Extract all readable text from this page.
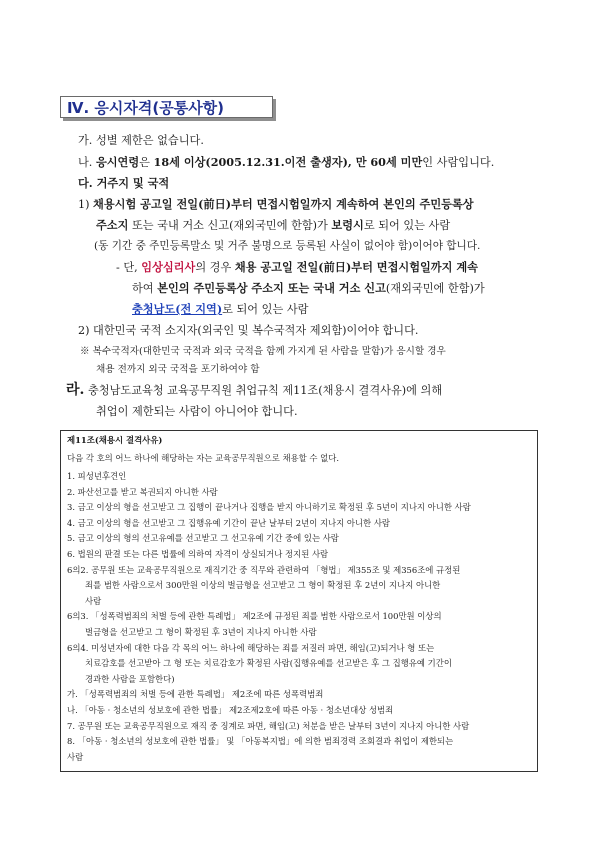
Ⅳ. 응시자격(공통사항)
가. 성별 제한은 없습니다.
나. 응시연령은 18세 이상(2005.12.31.이전 출생자), 만 60세 미만인 사람입니다.
다. 거주지 및 국적
1) 채용시험 공고일 전일(前日)부터 면접시험일까지 계속하여 본인의 주민등록상
주소지 또는 국내 거소 신고(재외국민에 한함)가 보령시로 되어 있는 사람
(동 기간 중 주민등록말소 및 거주 불명으로 등록된 사실이 없어야 함)이어야 합니다.
- 단, 임상심리사의 경우 채용 공고일 전일(前日)부터 면접시험일까지 계속
하여 본인의 주민등록상 주소지 또는 국내 거소 신고(재외국민에 한함)가
충청남도(전 지역)로 되어 있는 사람
2) 대한민국 국적 소지자(외국인 및 복수국적자 제외함)이어야 합니다.
※ 복수국적자(대한민국 국적과 외국 국적을 함께 가지게 된 사람을 말함)가 응시할 경우
채용 전까지 외국 국적을 포기하여야 함
라. 충청남도교육청 교육공무직원 취업규칙 제11조(채용시 결격사유)에 의해
취업이 제한되는 사람이 아니어야 합니다.
제11조(채용시 결격사유)
다음 각 호의 어느 하나에 해당하는 자는 교육공무직원으로 채용할 수 없다.
1. 피성년후견인
2. 파산선고를 받고 복권되지 아니한 사람
3. 금고 이상의 형을 선고받고 그 집행이 끝나거나 집행을 받지 아니하기로 확정된 후 5년이 지나지 아니한 사람
4. 금고 이상의 형을 선고받고 그 집행유예 기간이 끝난 날부터 2년이 지나지 아니한 사람
5. 금고 이상의 형의 선고유예를 선고받고 그 선고유예 기간 중에 있는 사람
6. 법원의 판결 또는 다른 법률에 의하여 자격이 상실되거나 정지된 사람
6의2. 공무원 또는 교육공무직원으로 재직기간 중 직무와 관련하여 「형법」 제355조 및 제356조에 규정된
죄를 범한 사람으로서 300만원 이상의 벌금형을 선고받고 그 형이 확정된 후 2년이 지나지 아니한
사람
6의3. 「성폭력범죄의 처벌 등에 관한 특례법」 제2조에 규정된 죄를 범한 사람으로서 100만원 이상의
벌금형을 선고받고 그 형이 확정된 후 3년이 지나지 아니한 사람
6의4. 미성년자에 대한 다음 각 목의 어느 하나에 해당하는 죄를 저질러 파면, 해임(고)되거나 형 또는
치료감호를 선고받아 그 형 또는 치료감호가 확정된 사람(집행유예를 선고받은 후 그 집행유예 기간이
경과한 사람을 포함한다)
가. 「성폭력범죄의 처벌 등에 관한 특례법」 제2조에 따른 성폭력범죄
나. 「아동 · 청소년의 성보호에 관한 법률」 제2조제2호에 따른 아동 · 청소년대상 성범죄
7. 공무원 또는 교육공무직원으로 재직 중 징계로 파면, 해임(고) 처분을 받은 날부터 3년이 지나지 아니한 사람
8. 「아동 · 청소년의 성보호에 관한 법률」 및 「아동복지법」에 의한 범죄경력 조회결과 취업이 제한되는
사람
